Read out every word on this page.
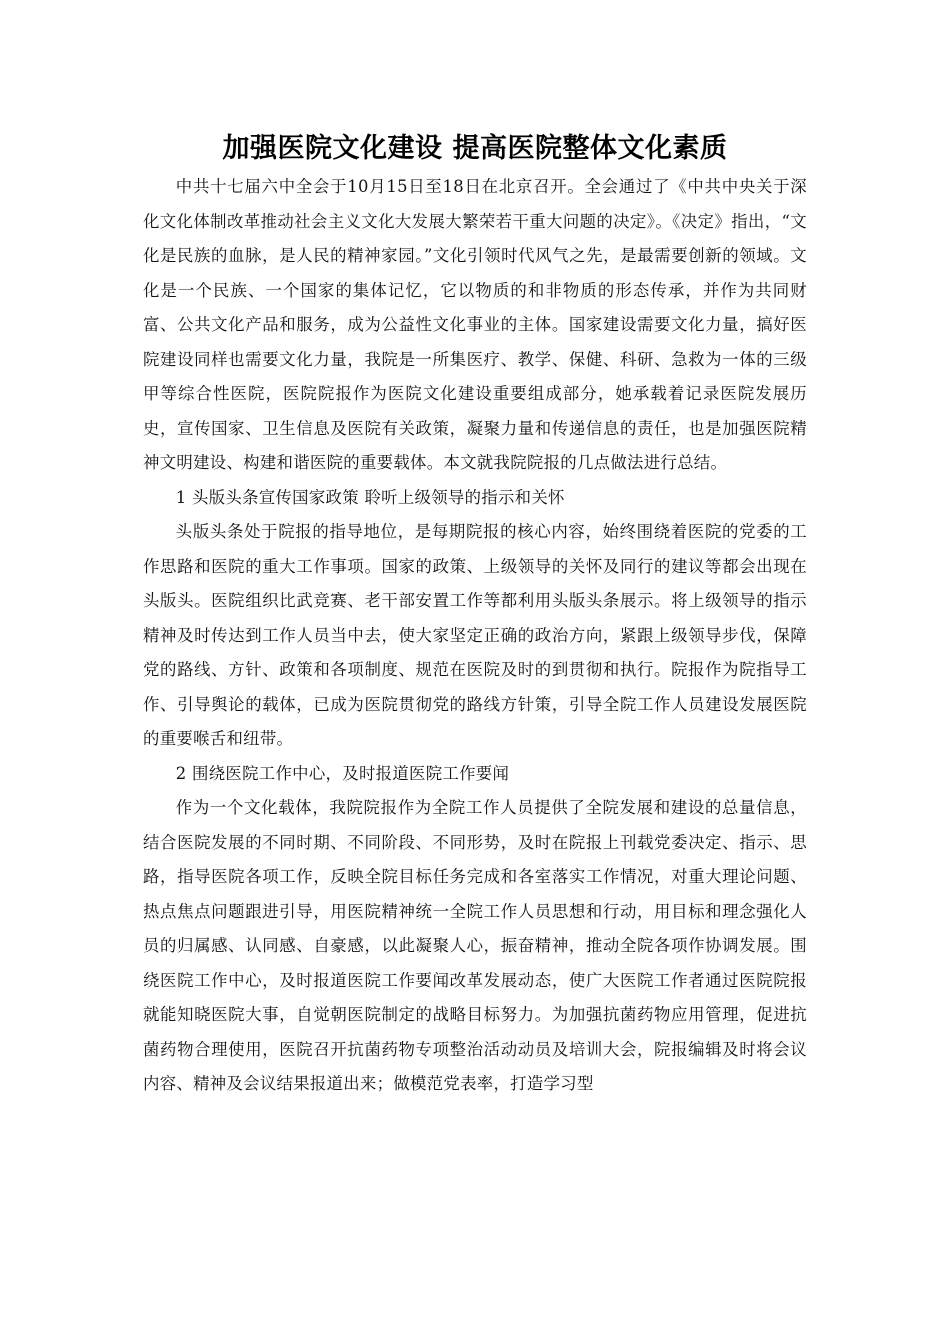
加强医院文化建设 提高医院整体文化素质

中共十七届六中全会于10月15日至18日在北京召开。全会通过了《中共中央关于深化文化体制改革推动社会主义文化大发展大繁荣若干重大问题的决定》。《决定》指出，“文化是民族的血脉，是人民的精神家园。”文化引领时代风气之先，是最需要创新的领域。文化是一个民族、一个国家的集体记忆，它以物质的和非物质的形态传承，并作为共同财富、公共文化产品和服务，成为公益性文化事业的主体。国家建设需要文化力量，搞好医院建设同样也需要文化力量，我院是一所集医疗、教学、保健、科研、急救为一体的三级甲等综合性医院，医院院报作为医院文化建设重要组成部分，她承载着记录医院发展历史，宣传国家、卫生信息及医院有关政策，凝聚力量和传递信息的责任，也是加强医院精神文明建设、构建和谐医院的重要载体。本文就我院院报的几点做法进行总结。

1 头版头条宣传国家政策 聆听上级领导的指示和关怀

头版头条处于院报的指导地位，是每期院报的核心内容，始终围绕着医院的党委的工作思路和医院的重大工作事项。国家的政策、上级领导的关怀及同行的建议等都会出现在头版头。医院组织比武竞赛、老干部安置工作等都利用头版头条展示。将上级领导的指示精神及时传达到工作人员当中去，使大家坚定正确的政治方向，紧跟上级领导步伐，保障党的路线、方针、政策和各项制度、规范在医院及时的到贯彻和执行。院报作为院指导工作、引导舆论的载体，已成为医院贯彻党的路线方针策，引导全院工作人员建设发展医院的重要喉舌和纽带。

2 围绕医院工作中心，及时报道医院工作要闻

作为一个文化载体，我院院报作为全院工作人员提供了全院发展和建设的总量信息，结合医院发展的不同时期、不同阶段、不同形势，及时在院报上刊载党委决定、指示、思路，指导医院各项工作，反映全院目标任务完成和各室落实工作情况，对重大理论问题、热点焦点问题跟进引导，用医院精神统一全院工作人员思想和行动，用目标和理念强化人员的归属感、认同感、自豪感，以此凝聚人心，振奋精神，推动全院各项作协调发展。围绕医院工作中心，及时报道医院工作要闻改革发展动态，使广大医院工作者通过医院院报就能知晓医院大事，自觉朝医院制定的战略目标努力。为加强抗菌药物应用管理，促进抗菌药物合理使用，医院召开抗菌药物专项整治活动动员及培训大会，院报编辑及时将会议内容、精神及会议结果报道出来；做模范党表率，打造学习型
